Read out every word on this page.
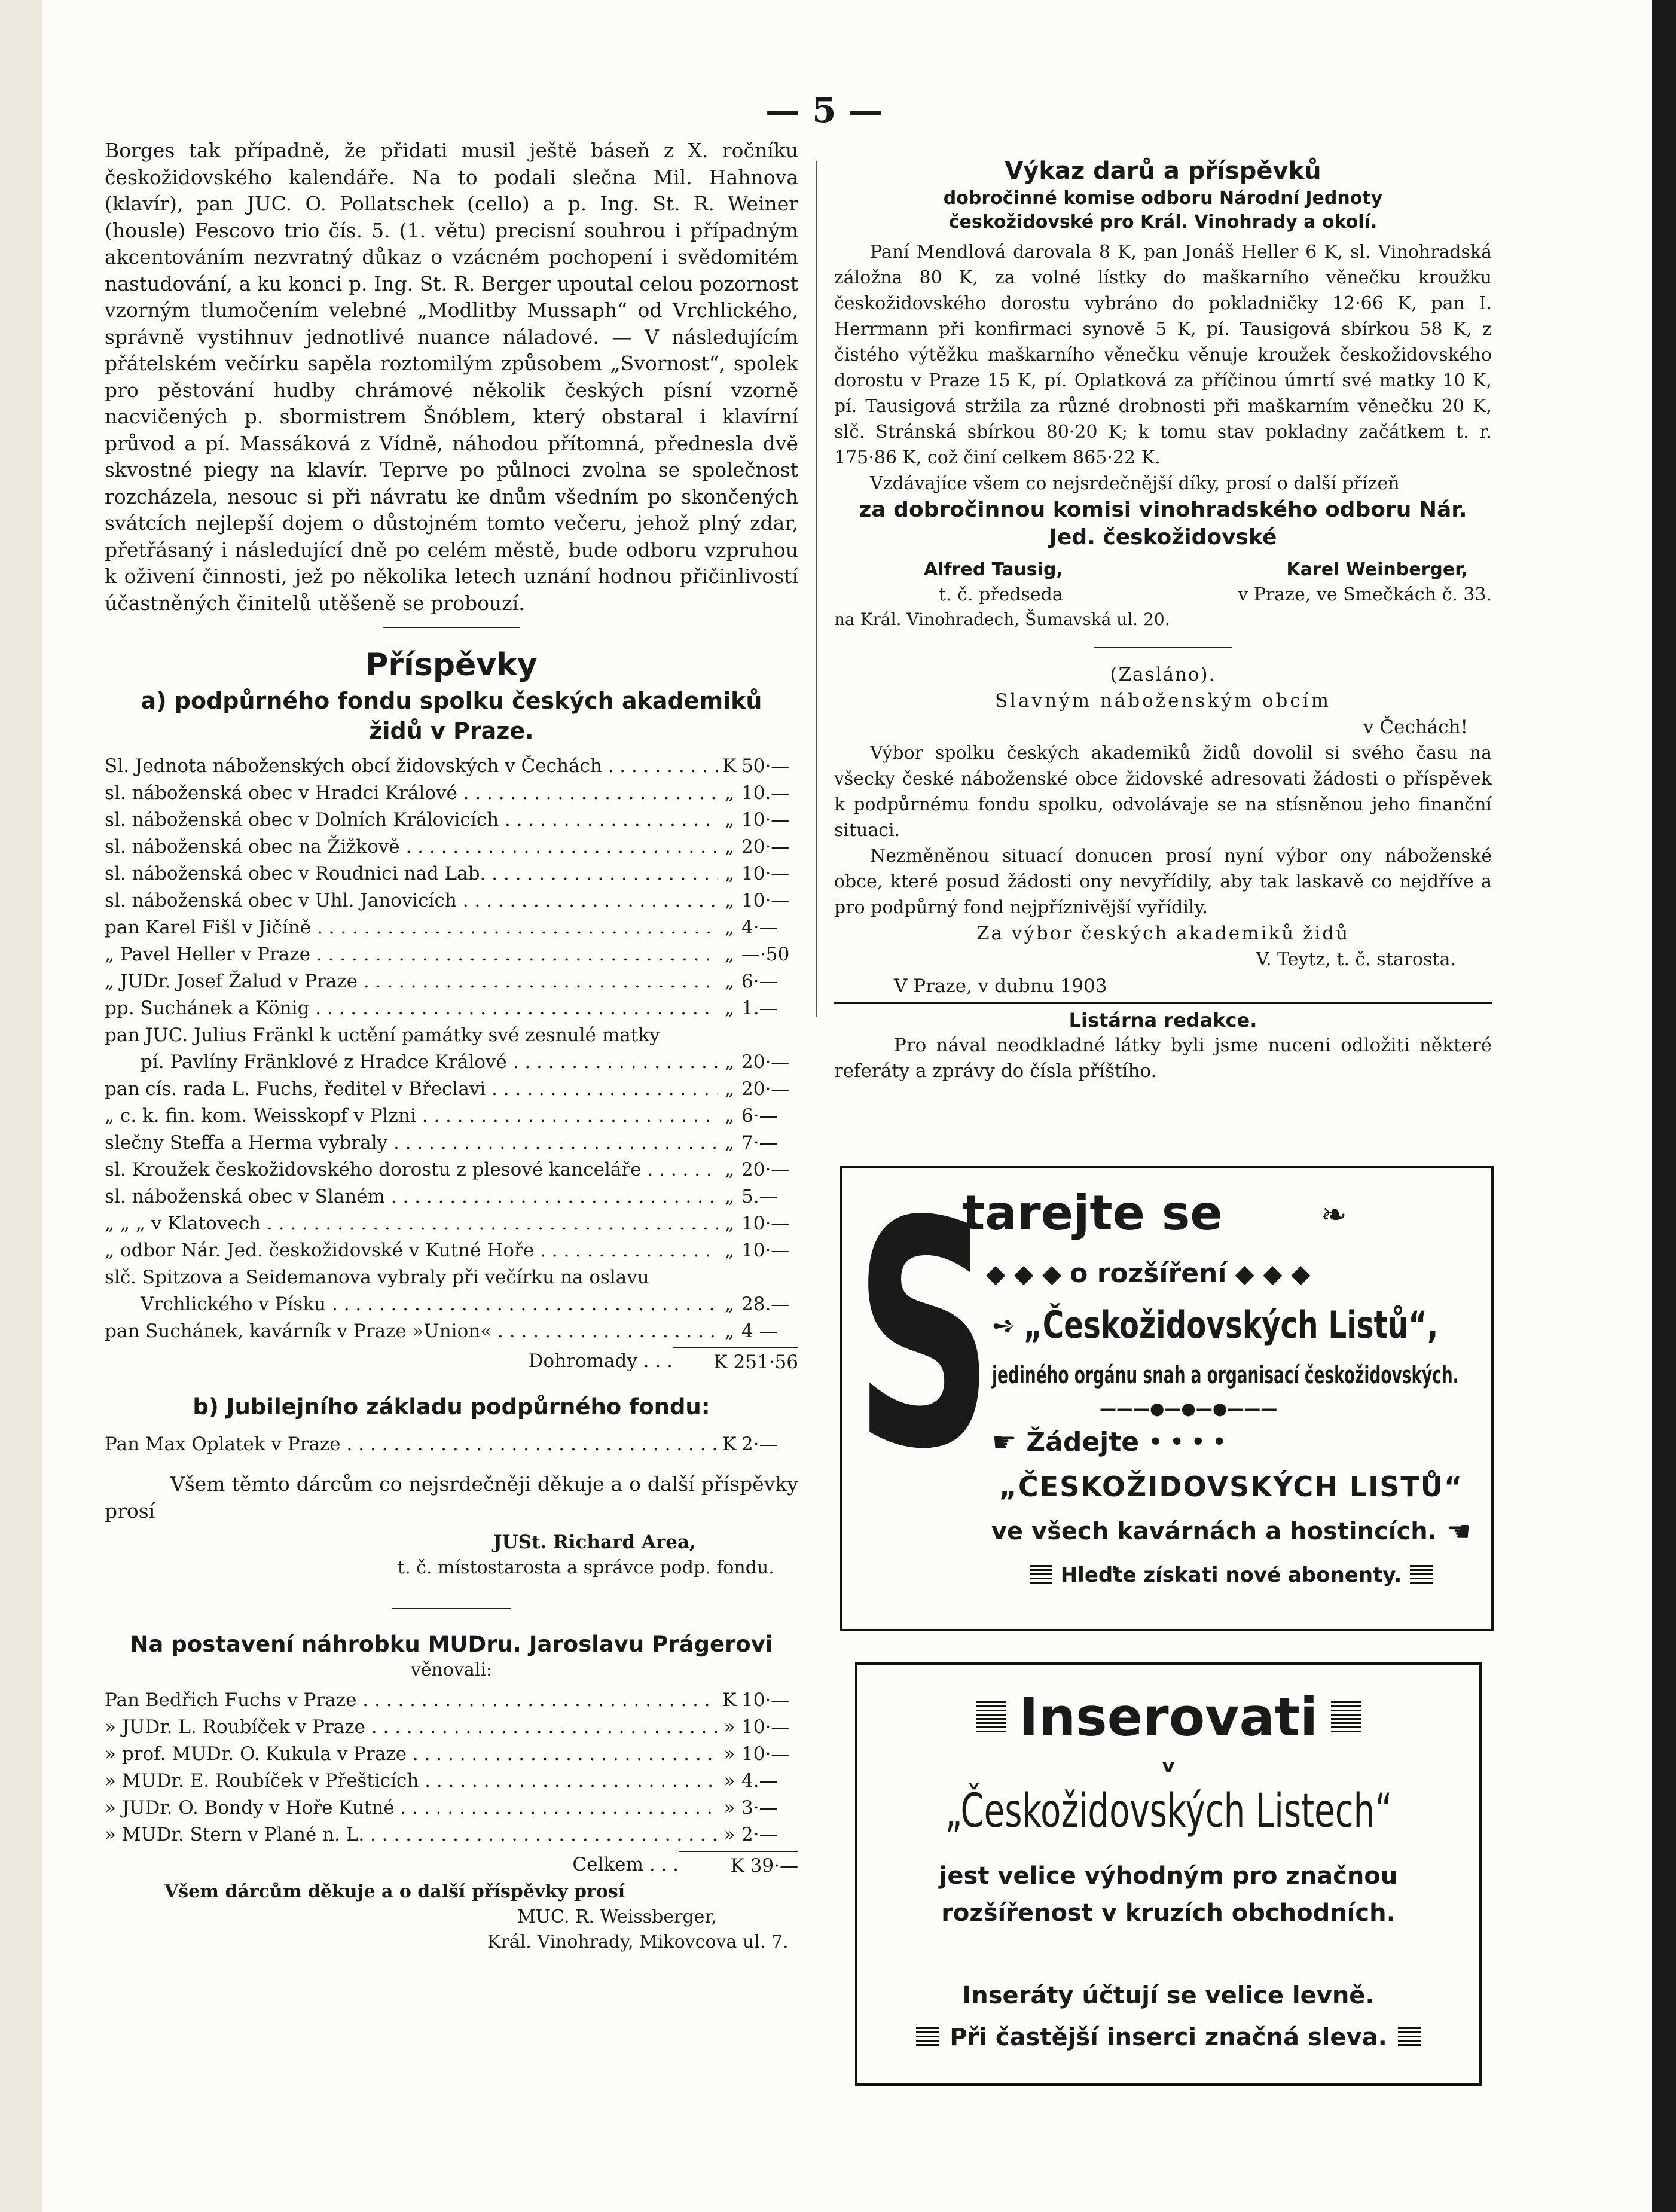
— 5 —

Borges tak případně, že přidati musil ještě báseň z X. ročníku českožidovského kalendáře. Na to podali slečna Mil. Hahnova (klavír), pan JUC. O. Pollatschek (cello) a p. Ing. St. R. Weiner (housle) Fescovo trio čís. 5. (1. větu) precisní souhrou i případným akcentováním nezvratný důkaz o vzácném pochopení i svědomitém nastudování, a ku konci p. Ing. St. R. Berger upoutal celou pozornost vzorným tlumočením velebné „Modlitby Mussaph“ od Vrchlického, správně vystihnuv jednotlivé nuance náladové. — V následujícím přátelském večírku sapěla roztomilým způsobem „Svornost“, spolek pro pěstování hudby chrámové několik českých písní vzorně nacvičených p. sbormistrem Šnóblem, který obstaral i klavírní průvod a pí. Massáková z Vídně, náhodou přítomná, přednesla dvě skvostné piegy na klavír. Teprve po půlnoci zvolna se společnost rozcházela, nesouc si při návratu ke dnům všedním po skončených svátcích nejlepší dojem o důstojném tomto večeru, jehož plný zdar, přetřásaný i následující dně po celém městě, bude odboru vzpruhou k oživení činnosti, jež po několika letech uznání hodnou přičinlivostí účastněných činitelů utěšeně se probouzí.

Příspěvky

a) podpůrného fondu spolku českých akademiků židů v Praze.

Sl. Jednota náboženských obcí židovských v Čechách . . .	K 50·—
sl. náboženská obec v Hradci Králové . . .	„ 10.—
sl. náboženská obec v Dolních Královicích . . .	„ 10·—
sl. náboženská obec na Žižkově . . .	„ 20·—
sl. náboženská obec v Roudnici nad Lab. . . .	„ 10·—
sl. náboženská obec v Uhl. Janovicích . . .	„ 10·—
pan Karel Fišl v Jičíně . . .	„ 4·—
„ Pavel Heller v Praze . . .	„ —·50
„ JUDr. Josef Žalud v Praze . . .	„ 6·—
pp. Suchánek a König . . .	„ 1.—
pan JUC. Julius Fränkl k uctění památky své zesnulé matky
pí. Pavlíny Fränklové z Hradce Králové . . .	„ 20·—
pan cís. rada L. Fuchs, ředitel v Břeclavi . . .	„ 20·—
„ c. k. fin. kom. Weisskopf v Plzni . . .	„ 6·—
slečny Steffa a Herma vybraly . . .	„ 7·—
sl. Kroužek českožidovského dorostu z plesové kanceláře . . .	„ 20·—
sl. náboženská obec v Slaném . . .	„ 5.—
„ „ „ v Klatovech . . .	„ 10·—
„ odbor Nár. Jed. českožidovské v Kutné Hoře . . .	„ 10·—
slč. Spitzova a Seidemanova vybraly při večírku na oslavu
Vrchlického v Písku . . .	„ 28.—
pan Suchánek, kavárník v Praze »Union« . . .	„ 4 —
Dohromady . . .	K 251·56

b) Jubilejního základu podpůrného fondu:

Pan Max Oplatek v Praze . . .	K 2·—

Všem těmto dárcům co nejsrdečněji děkuje a o další příspěvky prosí

JUSt. Richard Area,

t. č. místostarosta a správce podp. fondu.

Na postavení náhrobku MUDru. Jaroslavu Prágerovi

věnovali:

Pan Bedřich Fuchs v Praze . . .	K 10·—
» JUDr. L. Roubíček v Praze . . .	» 10·—
» prof. MUDr. O. Kukula v Praze . . .	» 10·—
» MUDr. E. Roubíček v Přešticích . . .	» 4.—
» JUDr. O. Bondy v Hoře Kutné . . .	» 3·—
» MUDr. Stern v Plané n. L. . . .	» 2·—
Celkem . . .	K 39·—

Všem dárcům děkuje a o další příspěvky prosí

MUC. R. Weissberger,

Král. Vinohrady, Mikovcova ul. 7.

Výkaz darů a příspěvků

dobročinné komise odboru Národní Jednoty českožidovské pro Král. Vinohrady a okolí.

Paní Mendlová darovala 8 K, pan Jonáš Heller 6 K, sl. Vinohradská záložna 80 K, za volné lístky do maškarního věnečku kroužku českožidovského dorostu vybráno do pokladničky 12·66 K, pan I. Herrmann při konfirmaci synově 5 K, pí. Tausigová sbírkou 58 K, z čistého výtěžku maškarního věnečku věnuje kroužek českožidovského dorostu v Praze 15 K, pí. Oplatková za příčinou úmrtí své matky 10 K, pí. Tausigová stržila za různé drobnosti při maškarním věnečku 20 K, slč. Stránská sbírkou 80·20 K; k tomu stav pokladny začátkem t. r. 175·86 K, což činí celkem 865·22 K.

Vzdávajíce všem co nejsrdečnější díky, prosí o další přízeň

za dobročinnou komisi vinohradského odboru Nár. Jed. českožidovské

Alfred Tausig,	Karel Weinberger,
t. č. předseda	v Praze, ve Smečkách č. 33.

na Král. Vinohradech, Šumavská ul. 20.

(Zasláno).

Slavným náboženským obcím

v Čechách!

Výbor spolku českých akademiků židů dovolil si svého času na všecky české náboženské obce židovské adresovati žádosti o příspěvek k podpůrnému fondu spolku, odvolávaje se na stísněnou jeho finanční situaci.

Nezměněnou situací donucen prosí nyní výbor ony náboženské obce, které posud žádosti ony nevyřídily, aby tak laskavě co nejdříve a pro podpůrný fond nejpříznivější vyřídily.

Za výbor českých akademiků židů

V. Teytz, t. č. starosta.

V Praze, v dubnu 1903

Listárna redakce.

Pro nával neodkladné látky byli jsme nuceni odložiti některé referáty a zprávy do čísla příštího.

S
tarejte se	❧
◆ ◆ ◆ o rozšíření ◆ ◆ ◆
➺ „Českožidovských Listů“,
jediného orgánu snah a organisací českožidovských.
———●—●—●———
☛ Žádejte • • • •
„ČESKOŽIDOVSKÝCH LISTŮ“
ve všech kavárnách a hostincích. ☚
Hleďte získati nové abonenty.
Inserovati
v
„Českožidovských Listech“

jest velice výhodným pro značnou rozšířenost v kruzích obchodních.

Inseráty účtují se velice levně.

Při častější inserci značná sleva.
